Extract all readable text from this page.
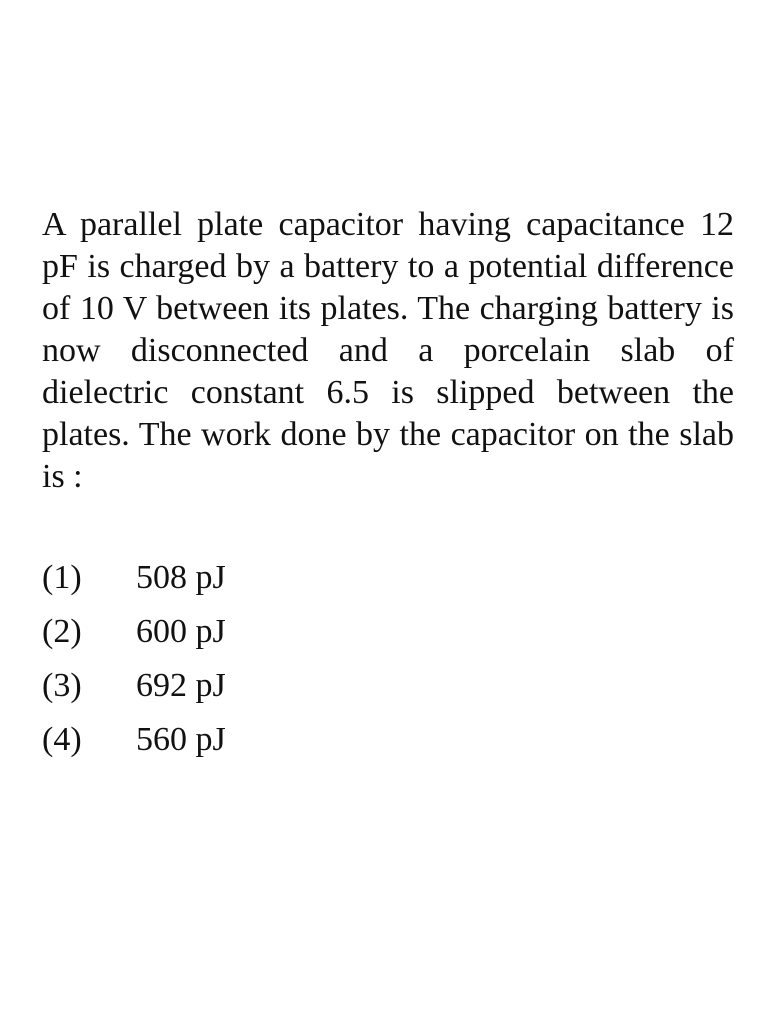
A parallel plate capacitor having capacitance 12 pF is charged by a battery to a potential difference of 10 V between its plates. The charging battery is now disconnected and a porcelain slab of dielectric constant 6.5 is slipped between the plates. The work done by the capacitor on the slab is :

(1)	508 pJ
(2)	600 pJ
(3)	692 pJ
(4)	560 pJ
